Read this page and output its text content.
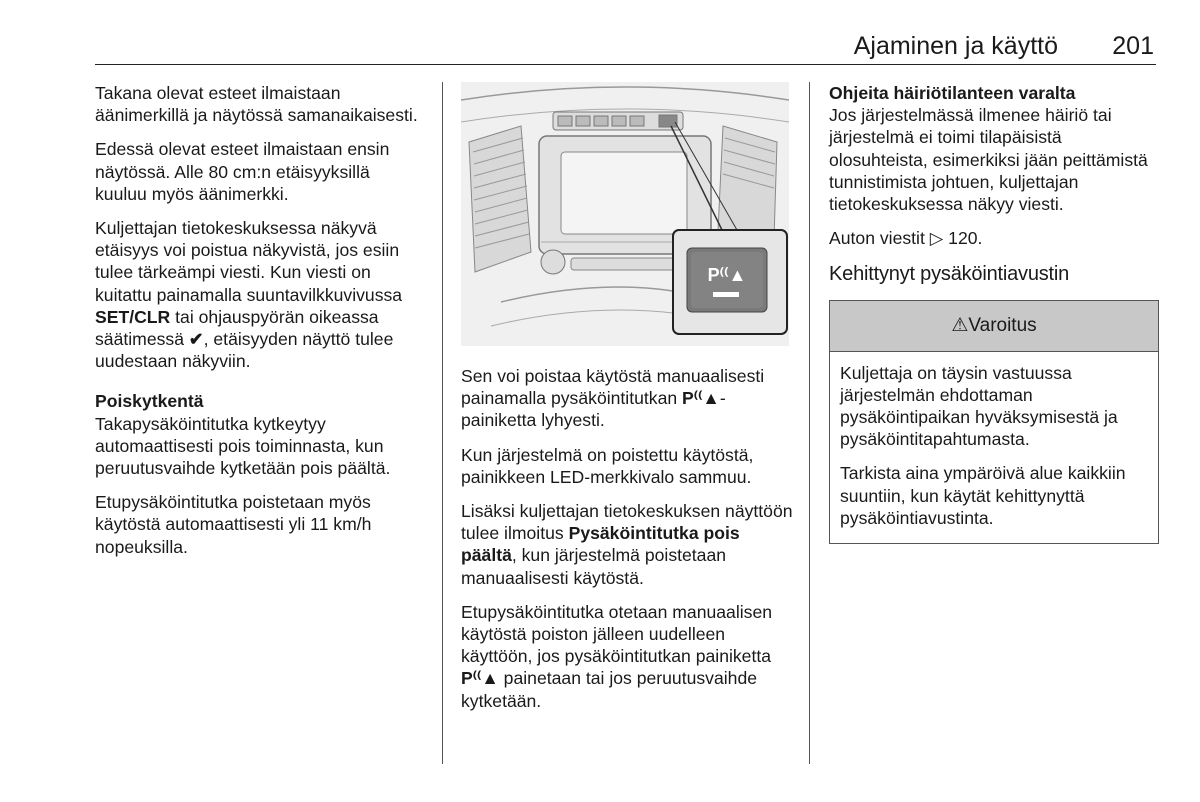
Ajaminen ja käyttö 201

Takana olevat esteet ilmaistaan äänimerkillä ja näytössä samanaikaisesti.

Edessä olevat esteet ilmaistaan ensin näytössä. Alle 80 cm:n etäisyyksillä kuuluu myös äänimerkki.

Kuljettajan tietokeskuksessa näkyvä etäisyys voi poistua näkyvistä, jos esiin tulee tärkeämpi viesti. Kun viesti on kuitattu painamalla suuntavilkkuvivussa SET/CLR tai ohjauspyörän oikeassa säätimessä ✔, etäisyyden näyttö tulee uudestaan näkyviin.

Poiskytkentä

Takapysäköintitutka kytkeytyy automaattisesti pois toiminnasta, kun peruutusvaihde kytketään pois päältä.

Etupysäköintitutka poistetaan myös käytöstä automaattisesti yli 11 km/h nopeuksilla.

P⁽⁽▲

Sen voi poistaa käytöstä manuaalisesti painamalla pysäköintitutkan P⁽⁽▲-painiketta lyhyesti.

Kun järjestelmä on poistettu käytöstä, painikkeen LED-merkkivalo sammuu.

Lisäksi kuljettajan tietokeskuksen näyttöön tulee ilmoitus Pysäköintitutka pois päältä, kun järjestelmä poistetaan manuaalisesti käytöstä.

Etupysäköintitutka otetaan manuaalisen käytöstä poiston jälleen uudelleen käyttöön, jos pysäköintitutkan painiketta P⁽⁽▲ painetaan tai jos peruutusvaihde kytketään.

Ohjeita häiriötilanteen varalta

Jos järjestelmässä ilmenee häiriö tai järjestelmä ei toimi tilapäisistä olosuhteista, esimerkiksi jään peittämistä tunnistimista johtuen, kuljettajan tietokeskuksessa näkyy viesti.

Auton viestit ▷ 120.

Kehittynyt pysäköintiavustin
⚠Varoitus

Kuljettaja on täysin vastuussa järjestelmän ehdottaman pysäköintipaikan hyväksymisestä ja pysäköintitapahtumasta.

Tarkista aina ympäröivä alue kaikkiin suuntiin, kun käytät kehittynyttä pysäköintiavustinta.
